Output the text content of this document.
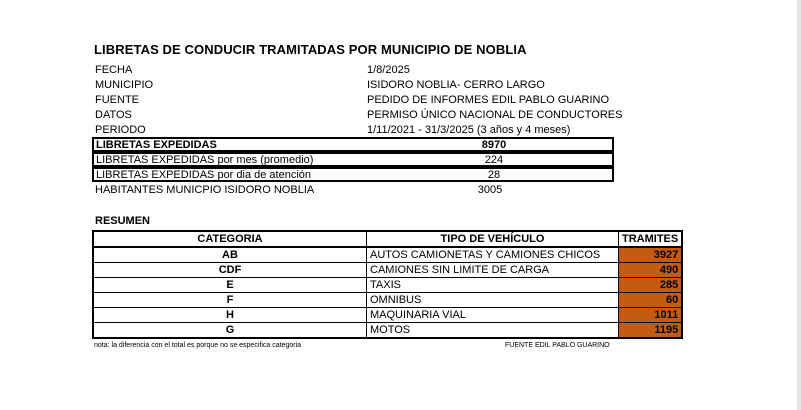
LIBRETAS DE CONDUCIR TRAMITADAS POR MUNICIPIO DE NOBLIA
FECHA	1/8/2025
MUNICIPIO	ISIDORO NOBLIA- CERRO LARGO
FUENTE	PEDIDO DE INFORMES EDIL PABLO GUARINO
DATOS	PERMISO ÚNICO NACIONAL DE CONDUCTORES
PERIODO	1/11/2021 - 31/3/2025 (3 años y 4 meses)
LIBRETAS EXPEDIDAS	8970
LIBRETAS EXPEDIDAS por mes (promedio)	224
LIBRETAS EXPEDIDAS por dia de atención	28
HABITANTES MUNICPIO ISIDORO NOBLIA	3005
RESUMEN
CATEGORIA	TIPO DE VEHÍCULO	TRAMITES
AB	AUTOS CAMIONETAS Y CAMIONES CHICOS	3927
CDF	CAMIONES SIN LIMITE DE CARGA	490
E	TAXIS	285
F	OMNIBUS	60
H	MAQUINARIA VIAL	1011
G	MOTOS	1195
nota: la diferencia con el total es porque no se especifica categoria	FUENTE EDIL PABLO GUARINO
